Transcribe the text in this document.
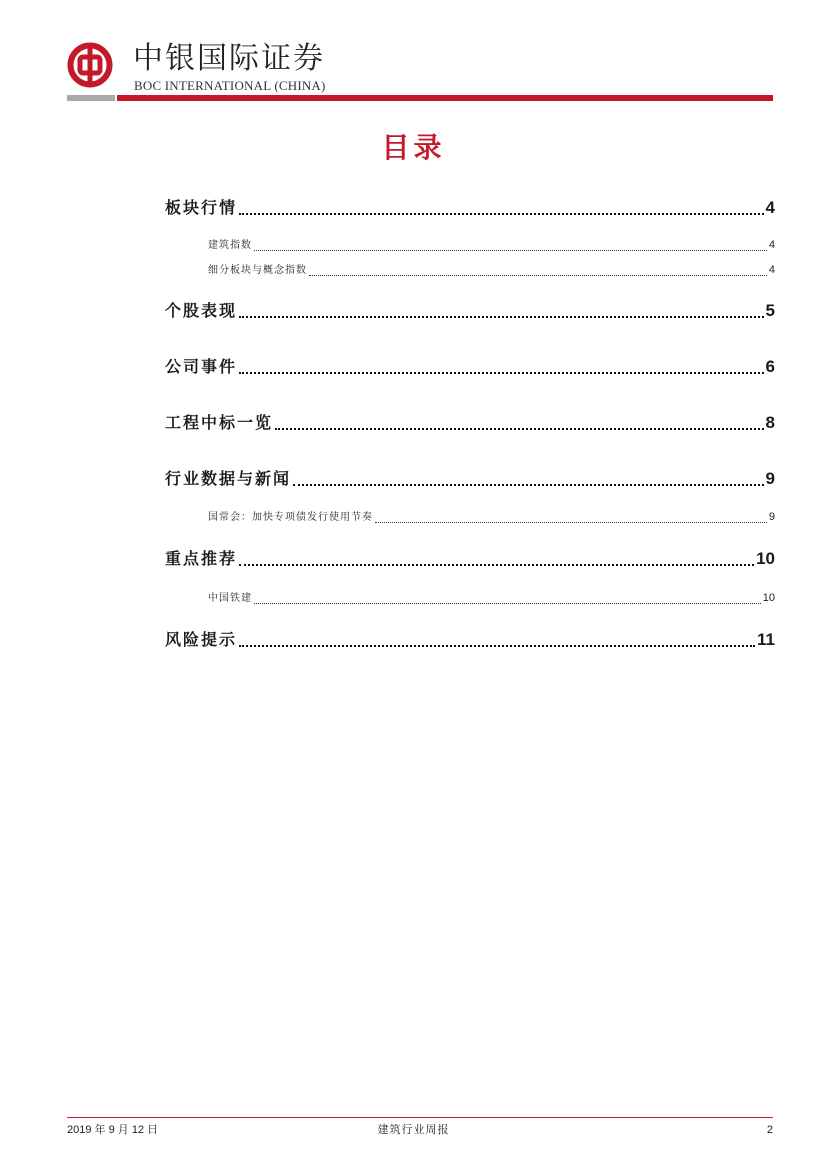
中银国际证券
BOC INTERNATIONAL (CHINA)
目录
板块行情	4
建筑指数	4
细分板块与概念指数	4
个股表现	5
公司事件	6
工程中标一览	8
行业数据与新闻	9
国常会：加快专项债发行使用节奏	9
重点推荐	10
中国铁建	10
风险提示	11
2019 年 9 月 12 日	建筑行业周报	2
